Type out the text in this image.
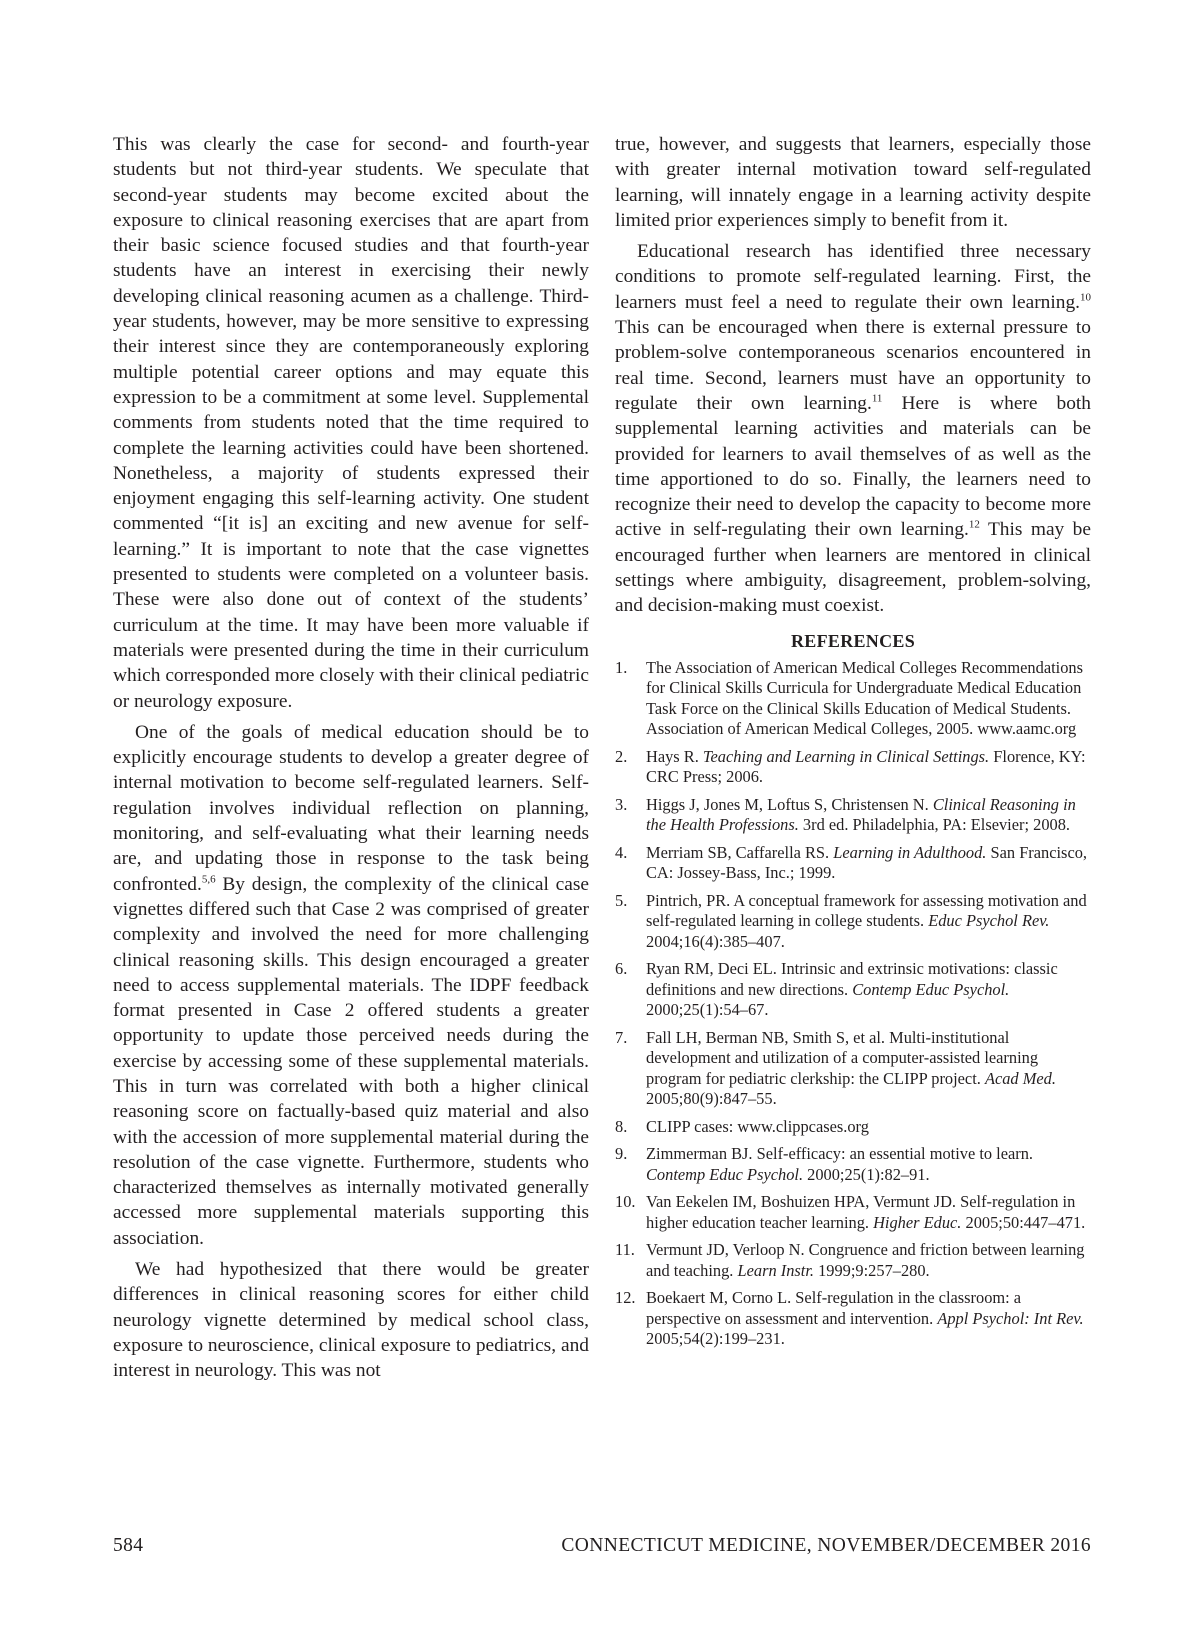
This was clearly the case for second- and fourth-year students but not third-year students. We speculate that second-year students may become excited about the exposure to clinical reasoning exercises that are apart from their basic science focused studies and that fourth-year students have an interest in exercising their newly developing clinical reasoning acumen as a challenge. Third-year students, however, may be more sensitive to expressing their interest since they are contemporaneously exploring multiple potential career options and may equate this expression to be a commitment at some level. Supplemental comments from students noted that the time required to complete the learning activities could have been shortened. Nonetheless, a majority of students expressed their enjoyment engaging this self-learning activity. One student commented “[it is] an exciting and new avenue for self-learning.” It is important to note that the case vignettes presented to students were completed on a volunteer basis. These were also done out of context of the students’ curriculum at the time. It may have been more valuable if materials were presented during the time in their curriculum which corresponded more closely with their clinical pediatric or neurology exposure.

One of the goals of medical education should be to explicitly encourage students to develop a greater degree of internal motivation to become self-regulated learners. Self-regulation involves individual reflection on planning, monitoring, and self-evaluating what their learning needs are, and updating those in response to the task being confronted.$^{5,6}$ By design, the complexity of the clinical case vignettes differed such that Case 2 was comprised of greater complexity and involved the need for more challenging clinical reasoning skills. This design encouraged a greater need to access supplemental materials. The IDPF feedback format presented in Case 2 offered students a greater opportunity to update those perceived needs during the exercise by accessing some of these supplemental materials. This in turn was correlated with both a higher clinical reasoning score on factually-based quiz material and also with the accession of more supplemental material during the resolution of the case vignette. Furthermore, students who characterized themselves as internally motivated generally accessed more supplemental materials supporting this association.

We had hypothesized that there would be greater differences in clinical reasoning scores for either child neurology vignette determined by medical school class, exposure to neuroscience, clinical exposure to pediatrics, and interest in neurology. This was not

true, however, and suggests that learners, especially those with greater internal motivation toward self-regulated learning, will innately engage in a learning activity despite limited prior experiences simply to benefit from it.

Educational research has identified three necessary conditions to promote self-regulated learning. First, the learners must feel a need to regulate their own learning.$^{10}$ This can be encouraged when there is external pressure to problem-solve contemporaneous scenarios encountered in real time. Second, learners must have an opportunity to regulate their own learning.$^{11}$ Here is where both supplemental learning activities and materials can be provided for learners to avail themselves of as well as the time apportioned to do so. Finally, the learners need to recognize their need to develop the capacity to become more active in self-regulating their own learning.$^{12}$ This may be encouraged further when learners are mentored in clinical settings where ambiguity, disagreement, problem-solving, and decision-making must coexist.

REFERENCES
1.	The Association of American Medical Colleges Recommendations for Clinical Skills Curricula for Undergraduate Medical Education Task Force on the Clinical Skills Education of Medical Students. Association of American Medical Colleges, 2005. www.aamc.org
2.	Hays R. Teaching and Learning in Clinical Settings. Florence, KY: CRC Press; 2006.
3.	Higgs J, Jones M, Loftus S, Christensen N. Clinical Reasoning in the Health Professions. 3rd ed. Philadelphia, PA: Elsevier; 2008.
4.	Merriam SB, Caffarella RS. Learning in Adulthood. San Francisco, CA: Jossey-Bass, Inc.; 1999.
5.	Pintrich, PR. A conceptual framework for assessing motivation and self-regulated learning in college students. Educ Psychol Rev. 2004;16(4):385–407.
6.	Ryan RM, Deci EL. Intrinsic and extrinsic motivations: classic definitions and new directions. Contemp Educ Psychol. 2000;25(1):54–67.
7.	Fall LH, Berman NB, Smith S, et al. Multi-institutional development and utilization of a computer-assisted learning program for pediatric clerkship: the CLIPP project. Acad Med. 2005;80(9):847–55.
8.	CLIPP cases: www.clippcases.org
9.	Zimmerman BJ. Self-efficacy: an essential motive to learn. Contemp Educ Psychol. 2000;25(1):82–91.
10. Van Eekelen IM, Boshuizen HPA, Vermunt JD. Self-regulation in higher education teacher learning. Higher Educ. 2005;50:447–471.
11. Vermunt JD, Verloop N. Congruence and friction between learning and teaching. Learn Instr. 1999;9:257–280.
12. Boekaert M, Corno L. Self-regulation in the classroom: a perspective on assessment and intervention. Appl Psychol: Int Rev. 2005;54(2):199–231.
584	CONNECTICUT MEDICINE, NOVEMBER/DECEMBER 2016
